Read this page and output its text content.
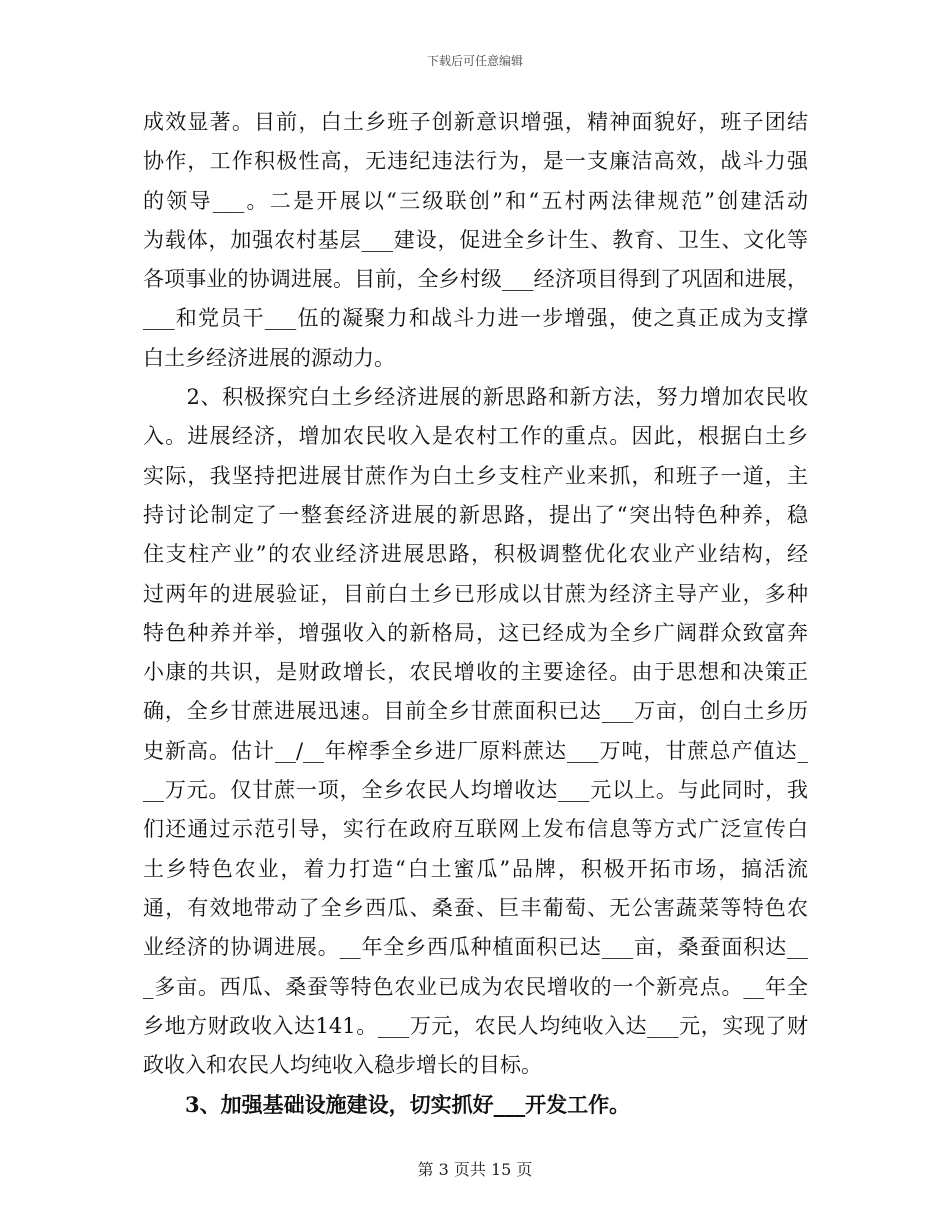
下载后可任意编辑
成效显著。目前，白土乡班子创新意识增强，精神面貌好，班子团结
协作，工作积极性高，无违纪违法行为，是一支廉洁高效，战斗力强
的领导___。二是开展以“三级联创”和“五村两法律规范”创建活动
为载体，加强农村基层___建设，促进全乡计生、教育、卫生、文化等
各项事业的协调进展。目前，全乡村级___经济项目得到了巩固和进展，
___和党员干___伍的凝聚力和战斗力进一步增强，使之真正成为支撑
白土乡经济进展的源动力。
　　2、积极探究白土乡经济进展的新思路和新方法，努力增加农民收
入。进展经济，增加农民收入是农村工作的重点。因此，根据白土乡
实际，我坚持把进展甘蔗作为白土乡支柱产业来抓，和班子一道，主
持讨论制定了一整套经济进展的新思路，提出了“突出特色种养，稳
住支柱产业”的农业经济进展思路，积极调整优化农业产业结构，经
过两年的进展验证，目前白土乡已形成以甘蔗为经济主导产业，多种
特色种养并举，增强收入的新格局，这已经成为全乡广阔群众致富奔
小康的共识，是财政增长，农民增收的主要途径。由于思想和决策正
确，全乡甘蔗进展迅速。目前全乡甘蔗面积已达___万亩，创白土乡历
史新高。估计__/__年榨季全乡进厂原料蔗达___万吨，甘蔗总产值达_
__万元。仅甘蔗一项，全乡农民人均增收达___元以上。与此同时，我
们还通过示范引导，实行在政府互联网上发布信息等方式广泛宣传白
土乡特色农业，着力打造“白土蜜瓜”品牌，积极开拓市场，搞活流
通，有效地带动了全乡西瓜、桑蚕、巨丰葡萄、无公害蔬菜等特色农
业经济的协调进展。__年全乡西瓜种植面积已达___亩，桑蚕面积达__
_多亩。西瓜、桑蚕等特色农业已成为农民增收的一个新亮点。__年全
乡地方财政收入达141。___万元，农民人均纯收入达___元，实现了财
政收入和农民人均纯收入稳步增长的目标。
　　3、加强基础设施建设，切实抓好___开发工作。
第 3 页共 15 页
